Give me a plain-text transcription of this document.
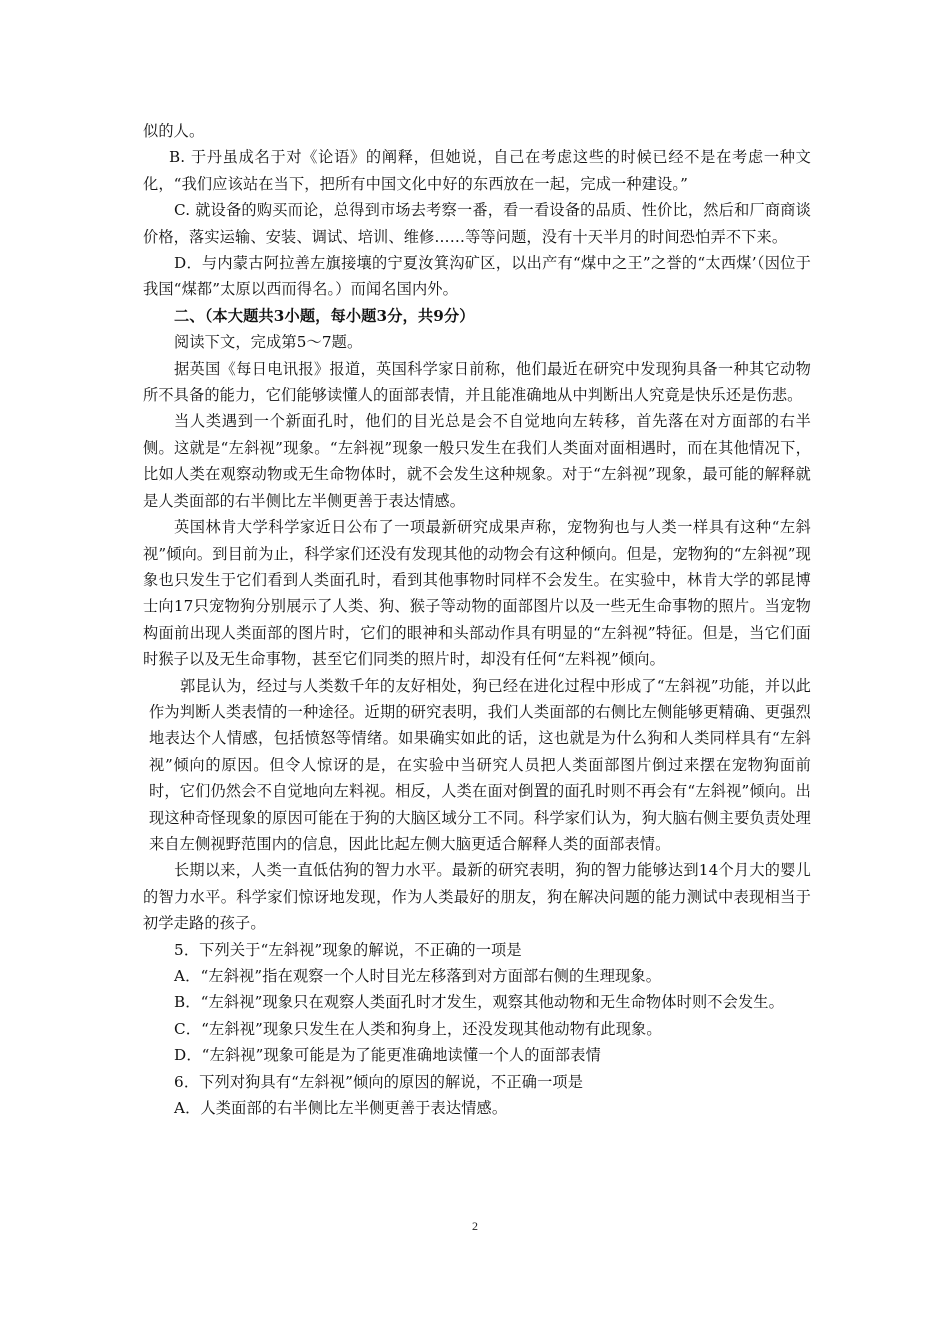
似的人。

B. 于丹虽成名于对《论语》的阐释，但她说，自己在考虑这些的时候已经不是在考虑一种文化，“我们应该站在当下，把所有中国文化中好的东西放在一起，完成一种建设。”

C. 就设备的购买而论，总得到市场去考察一番，看一看设备的品质、性价比，然后和厂商商谈价格，落实运输、安装、调试、培训、维修……等等问题，没有十天半月的时间恐怕弄不下来。

D．与内蒙古阿拉善左旗接壤的宁夏汝箕沟矿区，以出产有“煤中之王”之誉的“太西煤’（因位于我国“煤都”太原以西而得名。）而闻名国内外。

二、（本大题共3小题，每小题3分，共9分）

阅读下文，完成第5～7题。

据英国《每日电讯报》报道，英国科学家日前称，他们最近在研究中发现狗具备一种其它动物所不具备的能力，它们能够读懂人的面部表情，并且能准确地从中判断出人究竟是快乐还是伤悲。

当人类遇到一个新面孔时，他们的目光总是会不自觉地向左转移，首先落在对方面部的右半侧。这就是“左斜视”现象。“左斜视”现象一般只发生在我们人类面对面相遇时，而在其他情况下，比如人类在观察动物或无生命物体时，就不会发生这种规象。对于“左斜视”现象，最可能的解释就是人类面部的右半侧比左半侧更善于表达情感。

英国林肯大学科学家近日公布了一项最新研究成果声称，宠物狗也与人类一样具有这种“左斜视”倾向。到目前为止，科学家们还没有发现其他的动物会有这种倾向。但是，宠物狗的“左斜视”现象也只发生于它们看到人类面孔时，看到其他事物时同样不会发生。在实验中，林肯大学的郭昆博士向17只宠物狗分别展示了人类、狗、猴子等动物的面部图片以及一些无生命事物的照片。当宠物构面前出现人类面部的图片时，它们的眼神和头部动作具有明显的“左斜视”特征。但是，当它们面时猴子以及无生命事物，甚至它们同类的照片时，却没有任何“左料视”倾向。

郭昆认为，经过与人类数千年的友好相处，狗已经在进化过程中形成了“左斜视”功能，并以此作为判断人类表情的一种途径。近期的研究表明，我们人类面部的右侧比左侧能够更精确、更强烈地表达个人情感，包括愤怒等情绪。如果确实如此的话，这也就是为什么狗和人类同样具有“左斜视”倾向的原因。但令人惊讶的是，在实验中当研究人员把人类面部图片倒过来摆在宠物狗面前时，它们仍然会不自觉地向左料视。相反，人类在面对倒置的面孔时则不再会有“左斜视”倾向。出现这种奇怪现象的原因可能在于狗的大脑区域分工不同。科学家们认为，狗大脑右侧主要负责处理来自左侧视野范围内的信息，因此比起左侧大脑更适合解释人类的面部表情。

长期以来，人类一直低估狗的智力水平。最新的研究表明，狗的智力能够达到14个月大的婴儿的智力水平。科学家们惊讶地发现，作为人类最好的朋友，狗在解决问题的能力测试中表现相当于初学走路的孩子。

5．下列关于“左斜视”现象的解说，不正确的一项是

A．“左斜视”指在观察一个人时目光左移落到对方面部右侧的生理现象。

B．“左斜视”现象只在观察人类面孔时才发生，观察其他动物和无生命物体时则不会发生。

C．“左斜视”现象只发生在人类和狗身上，还没发现其他动物有此现象。

D．“左斜视”现象可能是为了能更准确地读懂一个人的面部表情

6．下列对狗具有“左斜视”倾向的原因的解说，不正确一项是

A．人类面部的右半侧比左半侧更善于表达情感。

2
